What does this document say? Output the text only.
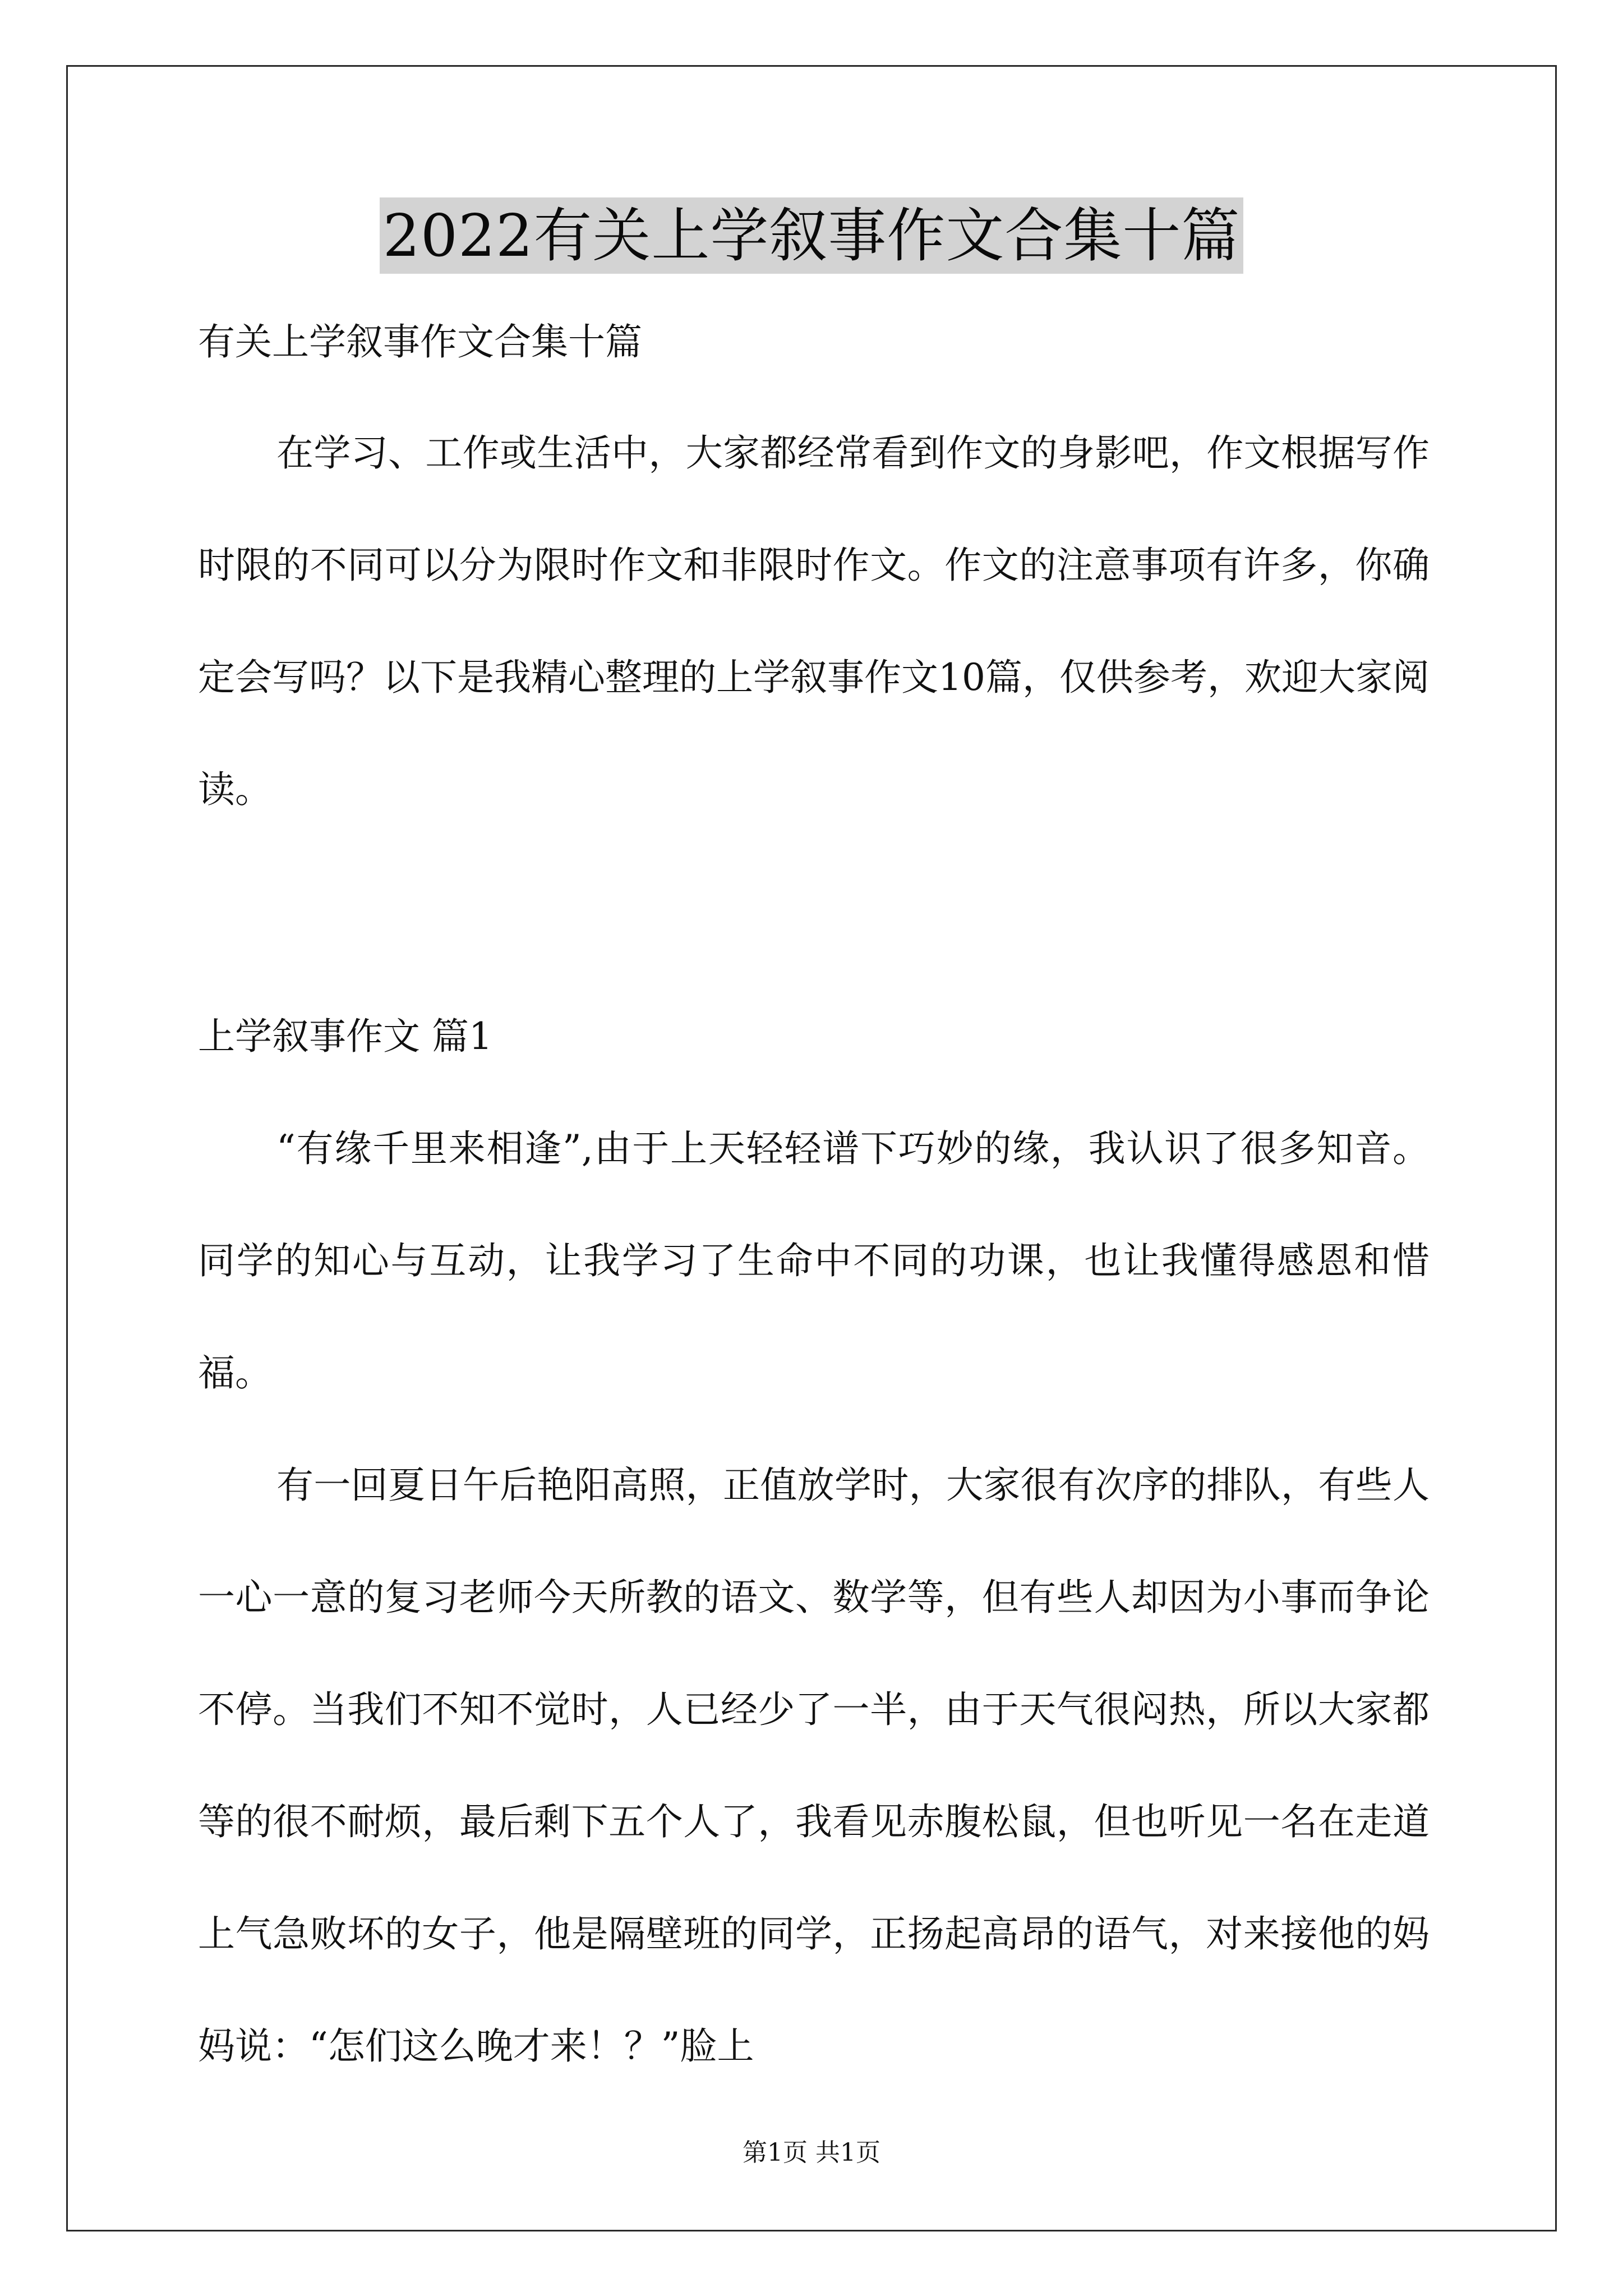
2022有关上学叙事作文合集十篇

有关上学叙事作文合集十篇

在学习、工作或生活中，大家都经常看到作文的身影吧，作文根据写作时限的不同可以分为限时作文和非限时作文。作文的注意事项有许多，你确定会写吗？以下是我精心整理的上学叙事作文10篇，仅供参考，欢迎大家阅读。

上学叙事作文 篇1

“有缘千里来相逢”,由于上天轻轻谱下巧妙的缘，我认识了很多知音。同学的知心与互动，让我学习了生命中不同的功课，也让我懂得感恩和惜福。

有一回夏日午后艳阳高照，正值放学时，大家很有次序的排队，有些人一心一意的复习老师今天所教的语文、数学等，但有些人却因为小事而争论不停。当我们不知不觉时，人已经少了一半，由于天气很闷热，所以大家都等的很不耐烦，最后剩下五个人了，我看见赤腹松鼠，但也听见一名在走道上气急败坏的女子，他是隔壁班的同学，正扬起高昂的语气，对来接他的妈妈说：“怎们这么晚才来！？”脸上

第1页 共1页
